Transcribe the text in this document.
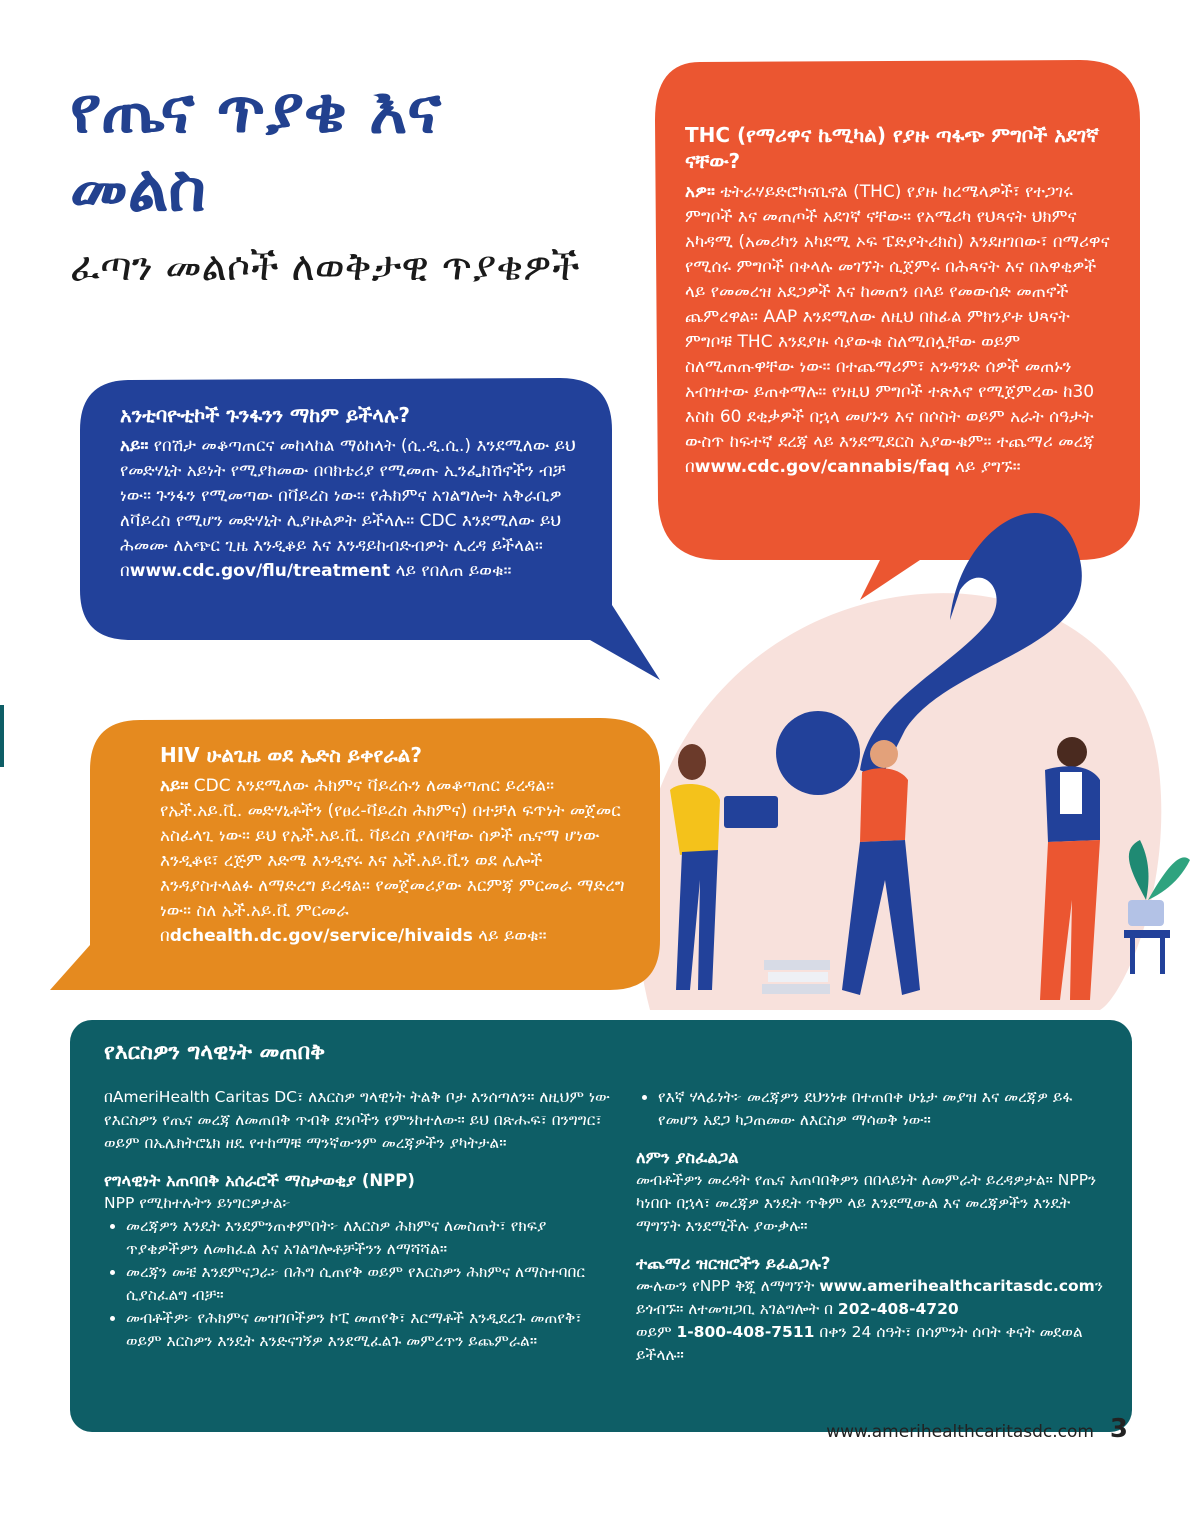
የጤና ጥያቄ እና መልስ
ፈጣን መልሶች ለወቅታዊ ጥያቄዎች

THC (የማሪዋና ኬሚካል) የያዙ ጣፋጭ ምግቦች አደገኛ ናቸው?

አዎ። ቴትራሃይድሮካናቢኖል (THC) የያዙ ከረሜላዎች፣ የተጋገሩ ምግቦች እና መጠጦች አደገኛ ናቸው። የአሜሪካ የህጻናት ህክምና አካዳሚ (አመሪካን አካደሚ ኦፍ ፔድያትሪክስ) እንደዘገበው፣ በማሪዋና የሚሰሩ ምግቦች በቀላሉ መገኘት ሲጀምሩ በሕጻናት እና በአዋቂዎች ላይ የመመረዝ አደጋዎች እና ከመጠን በላይ የመውሰድ መጠኖች ጨምረዋል። AAP እንደሚለው ለዚህ በከፊል ምክንያቱ ህጻናት ምግቦቹ THC እንደያዙ ሳያውቁ ስለሚበሏቸው ወይም ስለሚጠጡዋቸው ነው። በተጨማሪም፣ አንዳንድ ሰዎች መጠኑን አብዝተው ይጠቀማሉ። የነዚህ ምግቦች ተጽእኖ የሚጀምረው ከ30 እስከ 60 ደቂቃዎች በኋላ መሆኑን እና በሶስት ወይም አራት ሰዓታት ውስጥ ከፍተኛ ደረጃ ላይ እንደሚደርስ አያውቁም። ተጨማሪ መረጃ በwww.cdc.gov/cannabis/faq ላይ ያግኙ።

አንቲባዮቲኮች ጉንፋንን ማከም ይችላሉ?

አይ። የበሽታ መቆጣጠርና መከላከል ማዕከላት (ሲ.ዲ.ሲ.) እንደሚለው ይህ የመድሃኒት አይነት የሚያክመው በባክቴሪያ የሚመጡ ኢንፌክሽኖችን ብቻ ነው። ጉንፋን የሚመጣው በቫይረስ ነው። የሕክምና አገልግሎት አቅራቢዎ ለቫይረስ የሚሆን መድሃኒት ሊያዙልዎት ይችላሉ። CDC እንደሚለው ይህ ሕመሙ ለአጭር ጊዜ እንዲቆይ እና እንዳይከብድብዎት ሊረዳ ይችላል። በwww.cdc.gov/flu/treatment ላይ የበለጠ ይወቁ።

HIV ሁልጊዜ ወደ ኤድስ ይቀየራል?

አይ። CDC እንደሚለው ሕክምና ቫይረሱን ለመቆጣጠር ይረዳል። የኤች.አይ.ቪ. መድሃኒቶችን (የፀረ-ቫይረስ ሕክምና) በተቻለ ፍጥነት መጀመር አስፈላጊ ነው። ይህ የኤች.አይ.ቪ. ቫይረስ ያለባቸው ሰዎች ጤናማ ሆነው እንዲቆዩ፣ ረጅም እድሜ እንዲኖሩ እና ኤች.አይ.ቪን ወደ ሌሎች እንዳያስተላልፉ ለማድረግ ይረዳል። የመጀመሪያው እርምጃ ምርመራ ማድረግ ነው። ስለ ኤች.አይ.ቪ ምርመራ በdchealth.dc.gov/service/hivaids ላይ ይወቁ።

የእርስዎን ግላዊነት መጠበቅ

በAmeriHealth Caritas DC፣ ለእርስዎ ግላዊነት ትልቅ ቦታ እንሰጣለን። ለዚህም ነው የእርስዎን የጤና መረጃ ለመጠበቅ ጥብቅ ደንቦችን የምንከተለው። ይህ በጽሑፍ፣ በንግግር፣ ወይም በኤሌክትሮኒክ ዘዴ የተከማቹ ማንኛውንም መረጃዎችን ያካትታል።

የግላዊነት አጠባበቅ አሰራሮች ማስታወቂያ (NPP)

NPP የሚከተሉትን ይነግርዎታል፦

• መረጃዎን እንዴት እንደምንጠቀምበት፦ ለእርስዎ ሕክምና ለመስጠት፣ የክፍያ ጥያቄዎችዎን ለመክፈል እና አገልግሎቶቻችንን ለማሻሻል።
• መረጃን መቼ እንደምናጋራ፦ በሕግ ሲጠየቅ ወይም የእርስዎን ሕክምና ለማስተባበር ሲያስፈልግ ብቻ።
• መብቶችዎ፦ የሕክምና መዝገቦችዎን ኮፒ መጠየቅ፣ እርማቶች እንዲደረጉ መጠየቅ፣ ወይም እርስዎን እንዴት እንድናገኝዎ እንደሚፈልጉ መምረጥን ይጨምራል።
• የእኛ ሃላፊነት፦ መረጃዎን ደህንነቱ በተጠበቀ ሁኔታ መያዝ እና መረጃዎ ይፋ የመሆን አደጋ ካጋጠመው ለእርስዎ ማሳወቅ ነው።
ለምን ያስፈልጋል

መብቶችዎን መረዳት የጤና አጠባበቅዎን በበላይነት ለመምራት ይረዳዎታል። NPPን ካነበቡ በኋላ፣ መረጃዎ እንዴት ጥቅም ላይ እንደሚውል እና መረጃዎችን እንዴት ማግኘት እንደሚችሉ ያውቃሉ።

ተጨማሪ ዝርዝሮችን ይፈልጋሉ?

ሙሉውን የNPP ቅጂ ለማግኘት www.amerihealthcaritasdc.comን ይጎብኙ። ለተመዝጋቢ አገልግሎት በ 202-408-4720
ወይም 1-800-408-7511 በቀን 24 ሰዓት፣ በሳምንት ሰባት ቀናት መደወል ይችላሉ።

www.amerihealthcaritasdc.com 3
